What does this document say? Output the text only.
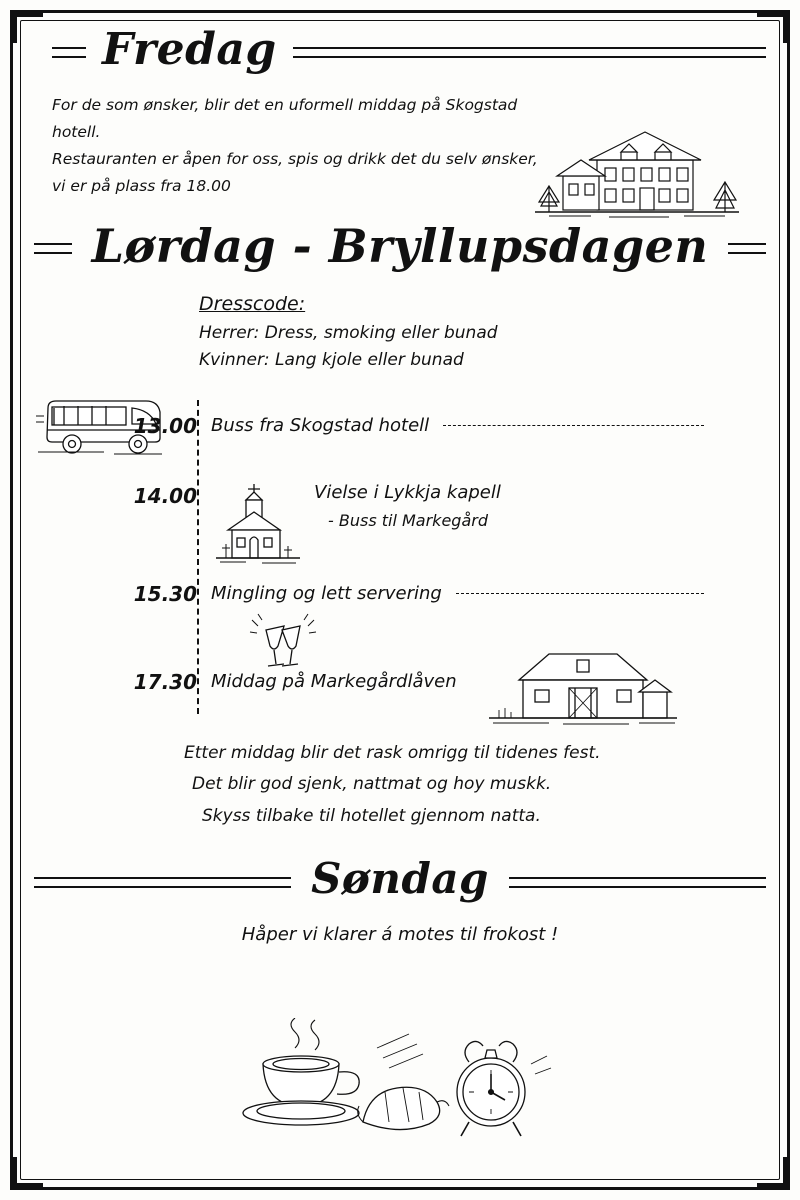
Fredag
For de som ønsker, blir det en uformell middag på Skogstad hotell.
Restauranten er åpen for oss, spis og drikk det du selv ønsker,
vi er på plass fra 18.00
Lørdag - Bryllupsdagen
Dresscode:
Herrer: Dress, smoking eller bunad
Kvinner: Lang kjole eller bunad
13.00 Buss fra Skogstad hotell
14.00	Vielse i Lykkja kapell
- Buss til Markegård
15.30 Mingling og lett servering
17.30 Middag på Markegårdlåven
Etter middag blir det rask omrigg til tidenes fest.
Det blir god sjenk, nattmat og hoy muskk.
Skyss tilbake til hotellet gjennom natta.
Søndag
Håper vi klarer á motes til frokost !
